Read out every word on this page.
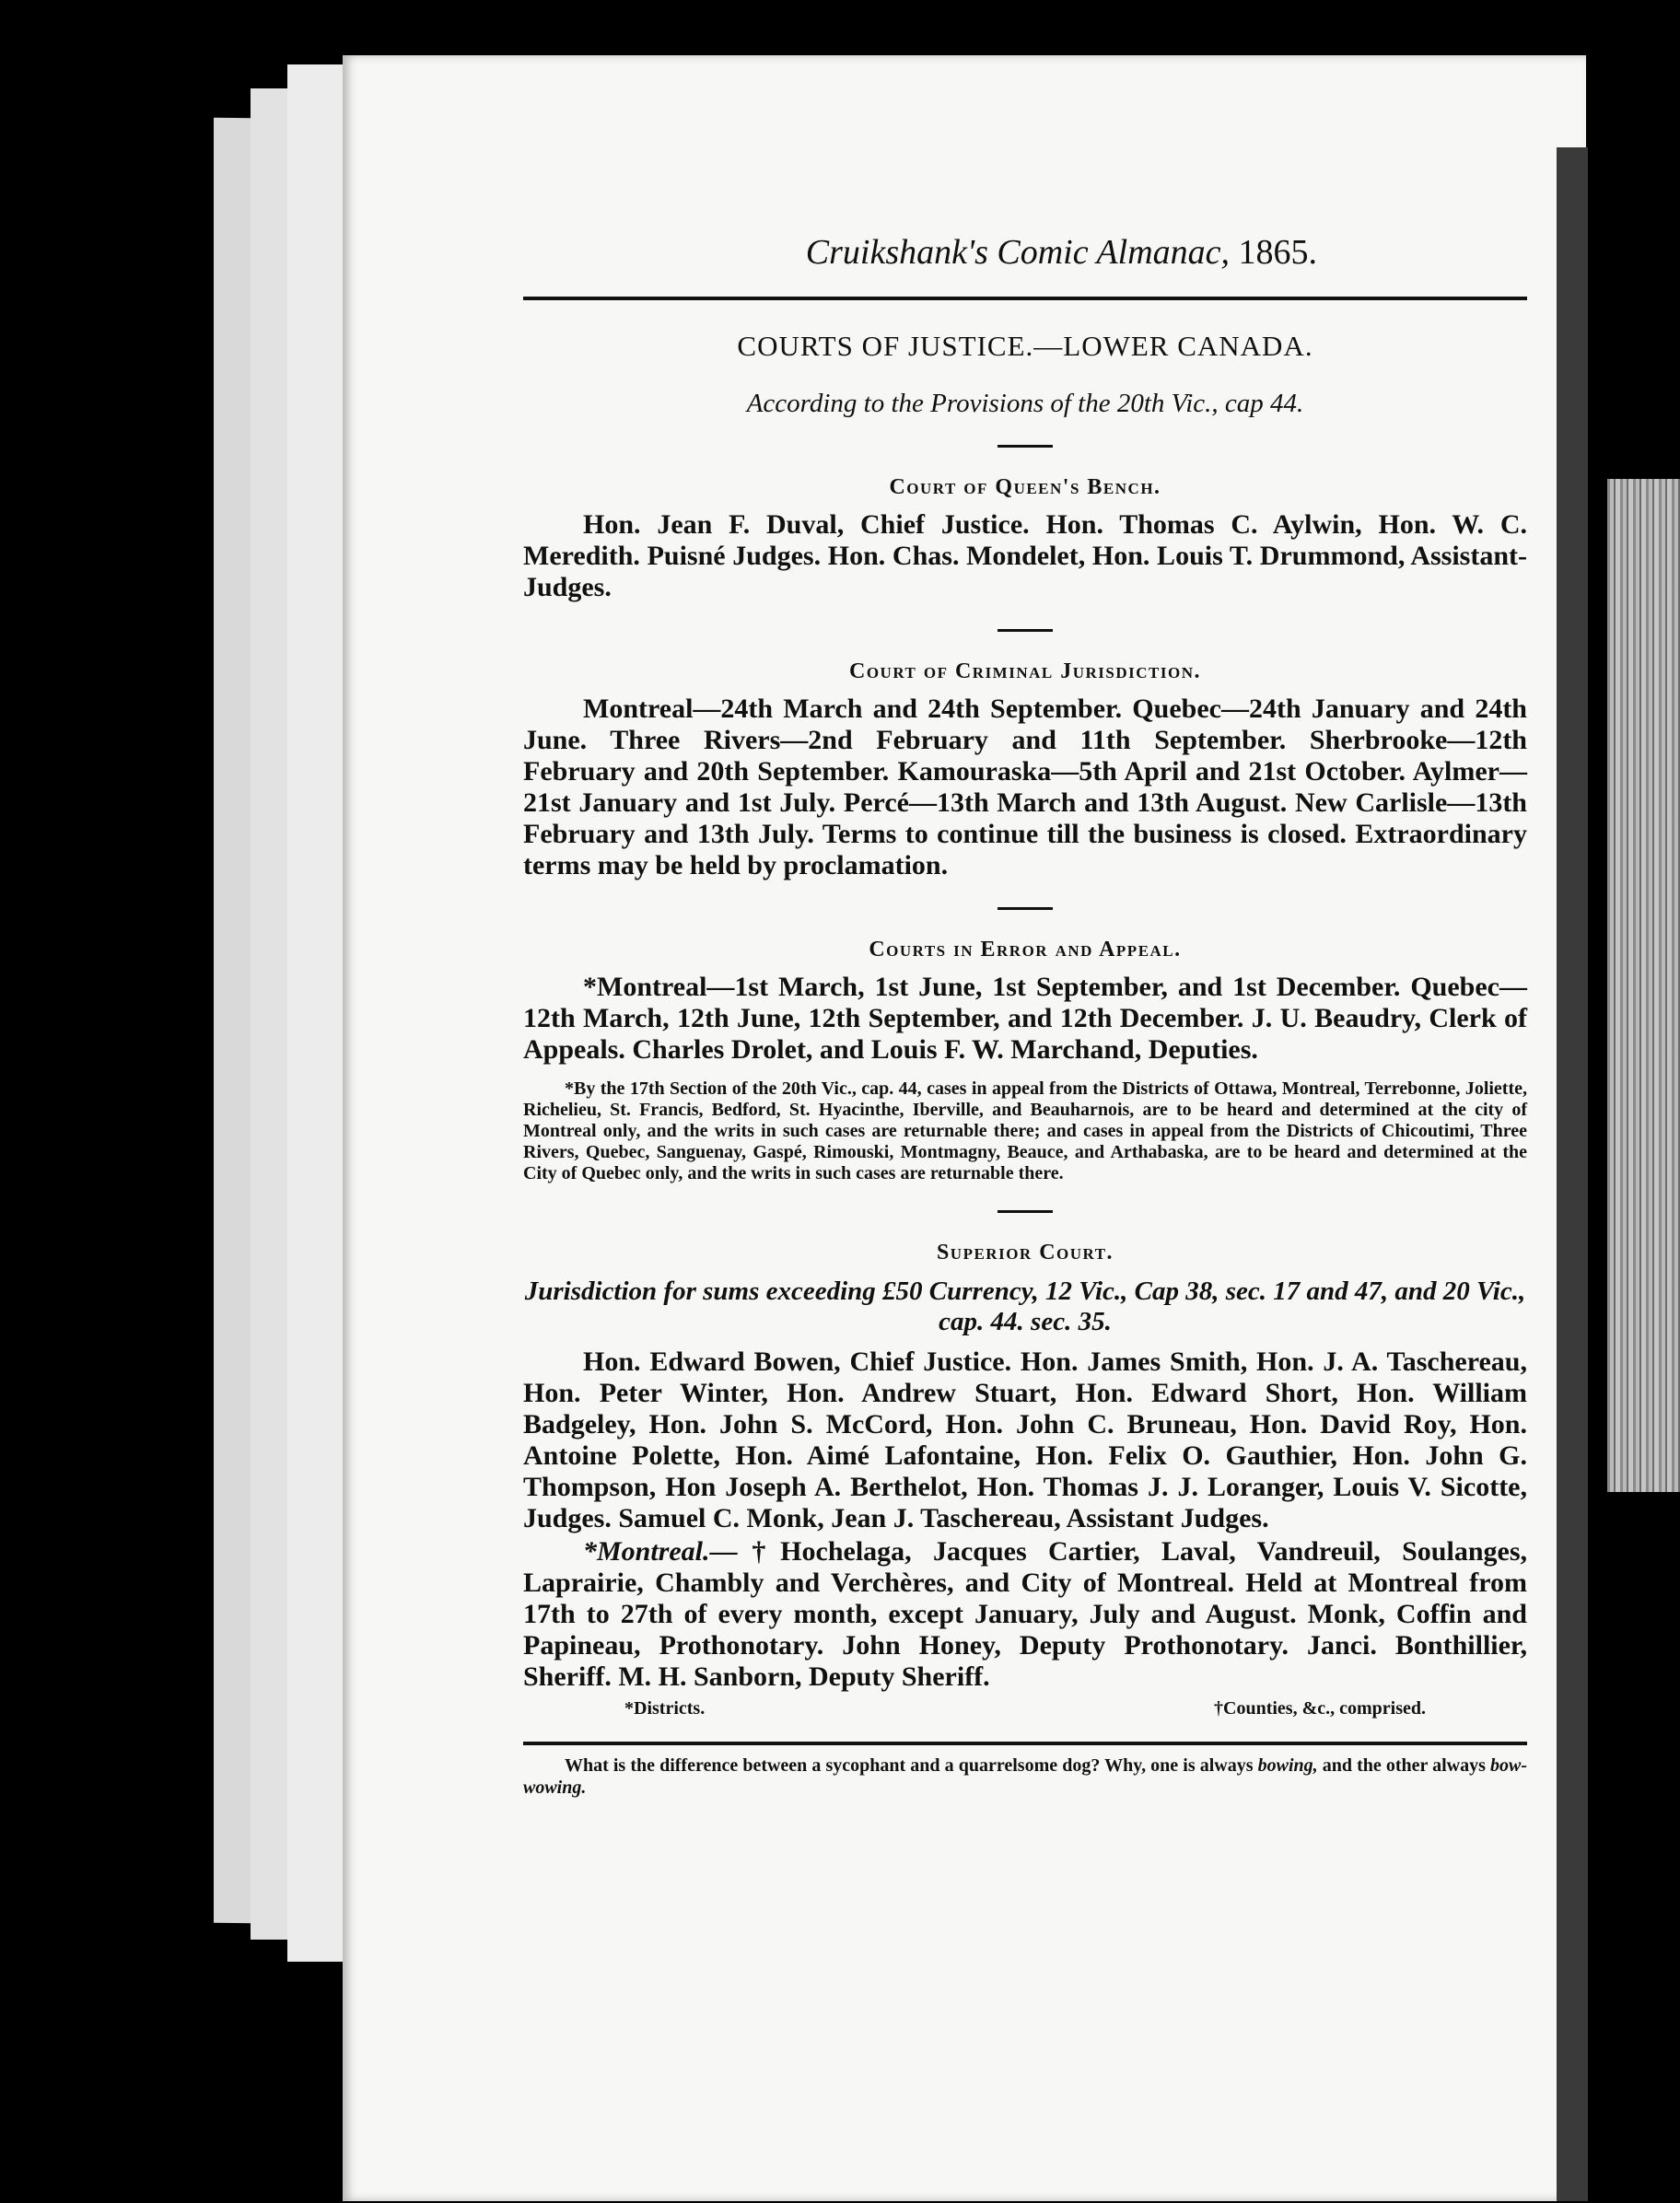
Cruikshank's Comic Almanac, 1865.
COURTS OF JUSTICE.—LOWER CANADA.
According to the Provisions of the 20th Vic., cap 44.
Court of Queen's Bench.
Hon. Jean F. Duval, Chief Justice. Hon. Thomas C. Aylwin, Hon. W. C. Meredith. Puisné Judges. Hon. Chas. Mondelet, Hon. Louis T. Drummond, Assistant-Judges.
Court of Criminal Jurisdiction.
Montreal—24th March and 24th September. Quebec—24th January and 24th June. Three Rivers—2nd February and 11th September. Sherbrooke—12th February and 20th September. Kamouraska—5th April and 21st October. Aylmer—21st January and 1st July. Percé—13th March and 13th August. New Carlisle—13th February and 13th July. Terms to continue till the business is closed. Extraordinary terms may be held by proclamation.
Courts in Error and Appeal.
*Montreal—1st March, 1st June, 1st September, and 1st December. Quebec—12th March, 12th June, 12th September, and 12th December. J. U. Beaudry, Clerk of Appeals. Charles Drolet, and Louis F. W. Marchand, Deputies.
*By the 17th Section of the 20th Vic., cap. 44, cases in appeal from the Districts of Ottawa, Montreal, Terrebonne, Joliette, Richelieu, St. Francis, Bedford, St. Hyacinthe, Iberville, and Beauharnois, are to be heard and determined at the city of Montreal only, and the writs in such cases are returnable there; and cases in appeal from the Districts of Chicoutimi, Three Rivers, Quebec, Sanguenay, Gaspé, Rimouski, Montmagny, Beauce, and Arthabaska, are to be heard and determined at the City of Quebec only, and the writs in such cases are returnable there.
Superior Court.
Jurisdiction for sums exceeding £50 Currency, 12 Vic., Cap 38, sec. 17 and 47, and 20 Vic., cap. 44. sec. 35.
Hon. Edward Bowen, Chief Justice. Hon. James Smith, Hon. J. A. Taschereau, Hon. Peter Winter, Hon. Andrew Stuart, Hon. Edward Short, Hon. William Badgeley, Hon. John S. McCord, Hon. John C. Bruneau, Hon. David Roy, Hon. Antoine Polette, Hon. Aimé Lafontaine, Hon. Felix O. Gauthier, Hon. John G. Thompson, Hon Joseph A. Berthelot, Hon. Thomas J. J. Loranger, Louis V. Sicotte, Judges. Samuel C. Monk, Jean J. Taschereau, Assistant Judges.
*Montreal.—†Hochelaga, Jacques Cartier, Laval, Vandreuil, Soulanges, Laprairie, Chambly and Verchères, and City of Montreal. Held at Montreal from 17th to 27th of every month, except January, July and August. Monk, Coffin and Papineau, Prothonotary. John Honey, Deputy Prothonotary. Janci. Bonthillier, Sheriff. M. H. Sanborn, Deputy Sheriff.
*Districts.	†Counties, &c., comprised.
What is the difference between a sycophant and a quarrelsome dog? Why, one is always bowing, and the other always bow-wowing.
